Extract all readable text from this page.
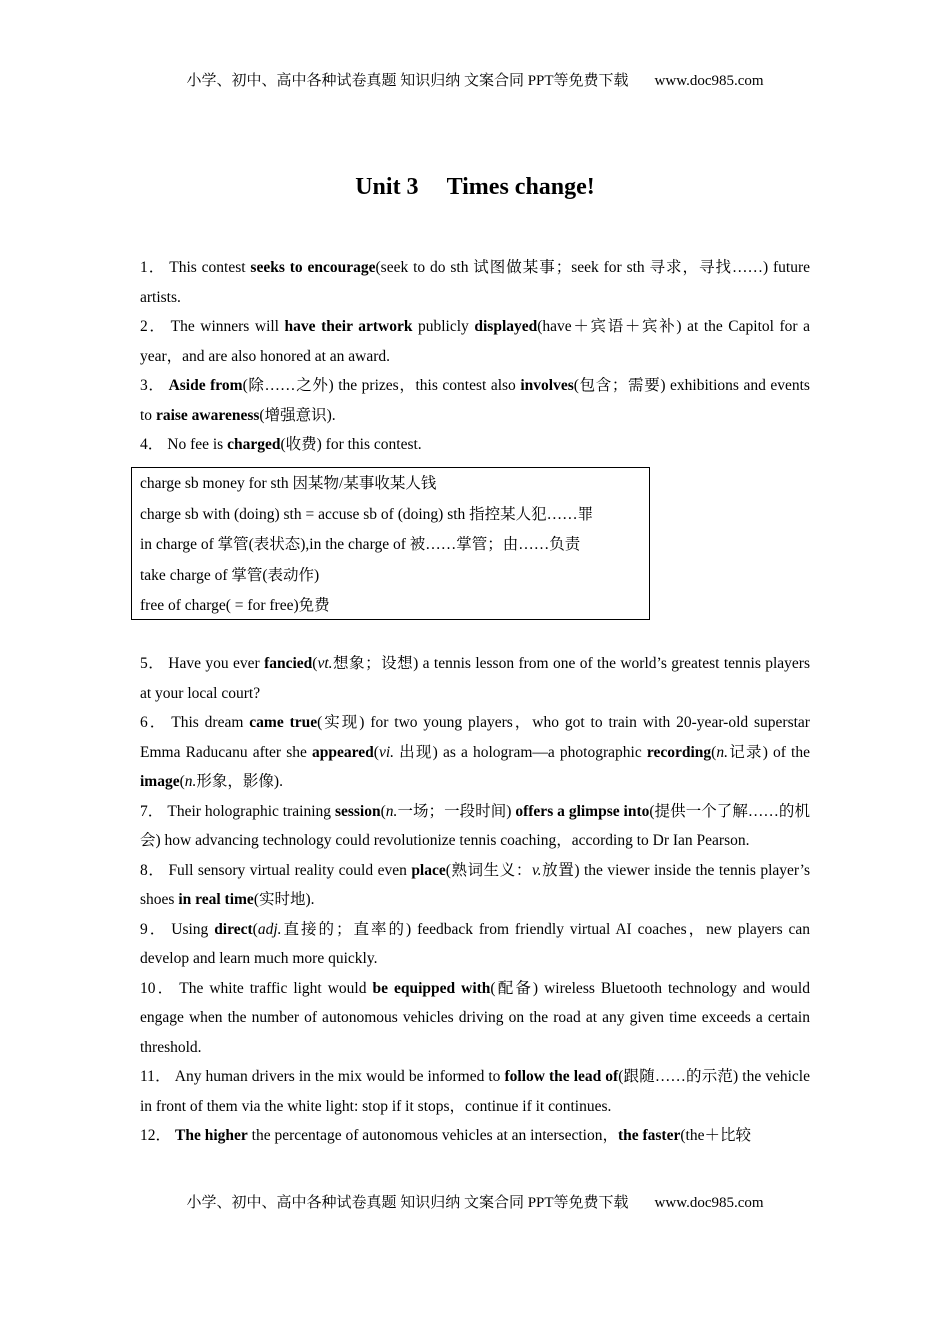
小学、初中、高中各种试卷真题 知识归纳 文案合同 PPT等免费下载 www.doc985.com
Unit 3 Times change!

1． This contest seeks to encourage(seek to do sth 试图做某事；seek for sth 寻求，寻找……) future artists.

2． The winners will have their artwork publicly displayed(have＋宾语＋宾补) at the Capitol for a year，and are also honored at an award.

3． Aside from(除……之外) the prizes，this contest also involves(包含；需要) exhibitions and events to raise awareness(增强意识).

4． No fee is charged(收费) for this contest.

charge sb money for sth 因某物/某事收某人钱
charge sb with (doing) sth = accuse sb of (doing) sth 指控某人犯……罪
in charge of 掌管(表状态),in the charge of 被……掌管；由……负责
take charge of 掌管(表动作)
free of charge( = for free)免费

5． Have you ever fancied(vt.想象；设想) a tennis lesson from one of the world’s greatest tennis players at your local court?

6． This dream came true(实现) for two young players，who got to train with 20-year-old superstar Emma Raducanu after she appeared(vi. 出现) as a hologram—a photographic recording(n.记录) of the image(n.形象，影像).

7． Their holographic training session(n.一场；一段时间) offers a glimpse into(提供一个了解……的机会) how advancing technology could revolutionize tennis coaching，according to Dr Ian Pearson.

8． Full sensory virtual reality could even place(熟词生义：v.放置) the viewer inside the tennis player’s shoes in real time(实时地).

9． Using direct(adj.直接的；直率的) feedback from friendly virtual AI coaches，new players can develop and learn much more quickly.

10． The white traffic light would be equipped with(配备) wireless Bluetooth technology and would engage when the number of autonomous vehicles driving on the road at any given time exceeds a certain threshold.

11． Any human drivers in the mix would be informed to follow the lead of(跟随……的示范) the vehicle in front of them via the white light: stop if it stops，continue if it continues.

12． The higher the percentage of autonomous vehicles at an intersection，the faster(the＋比较

小学、初中、高中各种试卷真题 知识归纳 文案合同 PPT等免费下载 www.doc985.com
